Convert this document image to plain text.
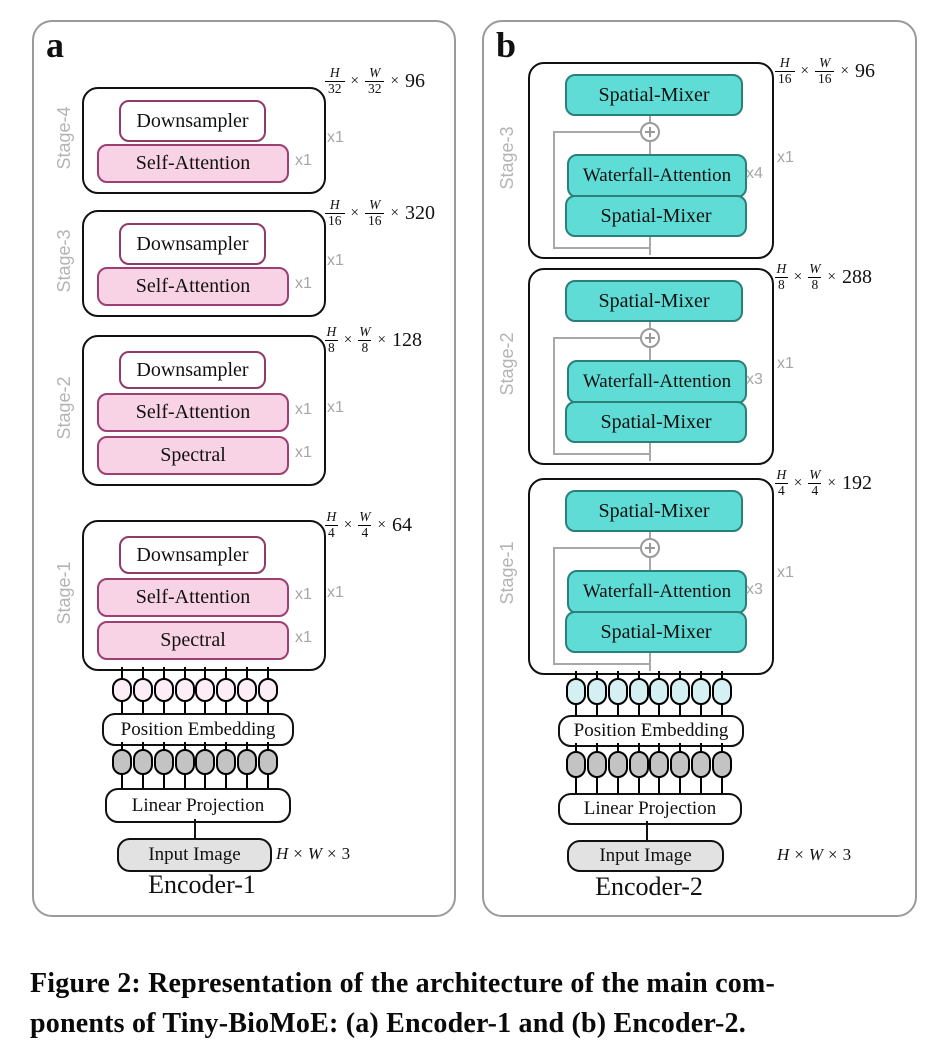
a
Stage-4	Downsampler
Self-Attention	x1
$\frac{H}{32} \times \frac{W}{32} \times 96$
x1
Stage-3	Downsampler
Self-Attention	x1
$\frac{H}{16} \times \frac{W}{16} \times 320$
x1
Stage-2
Downsampler
Self-Attention	x1
Spectral	x1
$\frac{H}{8} \times \frac{W}{8} \times 128$
x1
Stage-1
Downsampler
Self-Attention	x1
Spectral	x1
$\frac{H}{4} \times \frac{W}{4} \times 64$
x1
Position Embedding
Linear Projection
Input Image H × W × 3
Encoder-1
b
Stage-3
Spatial-Mixer
Waterfall-Attention x4
Spatial-Mixer
$\frac{H}{16} \times \frac{W}{16} \times 96$
x1
Stage-2
Spatial-Mixer
Waterfall-Attention x3
Spatial-Mixer
$\frac{H}{8} \times \frac{W}{8} \times 288$
x1
Stage-1
Spatial-Mixer
Waterfall-Attention x3
Spatial-Mixer
$\frac{H}{4} \times \frac{W}{4} \times 192$
x1
Position Embedding
Linear Projection
Input Image	H × W × 3
Encoder-2
Figure 2: Representation of the architecture of the main com-
ponents of Tiny-BioMoE: (a) Encoder-1 and (b) Encoder-2.
